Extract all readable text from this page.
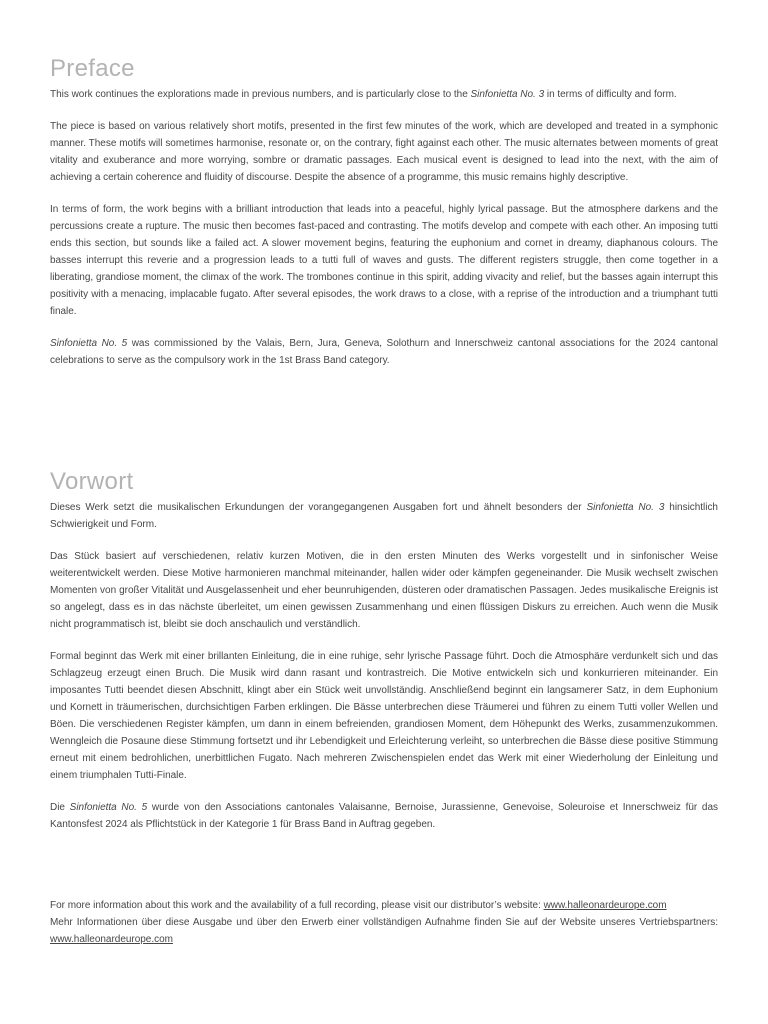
Preface

This work continues the explorations made in previous numbers, and is particularly close to the Sinfonietta No. 3 in terms of difficulty and form.

The piece is based on various relatively short motifs, presented in the first few minutes of the work, which are developed and treated in a symphonic manner. These motifs will sometimes harmonise, resonate or, on the contrary, fight against each other. The music alternates between moments of great vitality and exuberance and more worrying, sombre or dramatic passages. Each musical event is designed to lead into the next, with the aim of achieving a certain coherence and fluidity of discourse. Despite the absence of a programme, this music remains highly descriptive.

In terms of form, the work begins with a brilliant introduction that leads into a peaceful, highly lyrical passage. But the atmosphere darkens and the percussions create a rupture. The music then becomes fast-paced and contrasting. The motifs develop and compete with each other. An imposing tutti ends this section, but sounds like a failed act. A slower movement begins, featuring the euphonium and cornet in dreamy, diaphanous colours. The basses interrupt this reverie and a progression leads to a tutti full of waves and gusts. The different registers struggle, then come together in a liberating, grandiose moment, the climax of the work. The trombones continue in this spirit, adding vivacity and relief, but the basses again interrupt this positivity with a menacing, implacable fugato. After several episodes, the work draws to a close, with a reprise of the introduction and a triumphant tutti finale.

Sinfonietta No. 5 was commissioned by the Valais, Bern, Jura, Geneva, Solothurn and Innerschweiz cantonal associations for the 2024 cantonal celebrations to serve as the compulsory work in the 1st Brass Band category.

Vorwort

Dieses Werk setzt die musikalischen Erkundungen der vorangegangenen Ausgaben fort und ähnelt besonders der Sinfonietta No. 3 hinsichtlich Schwierigkeit und Form.

Das Stück basiert auf verschiedenen, relativ kurzen Motiven, die in den ersten Minuten des Werks vorgestellt und in sinfonischer Weise weiterentwickelt werden. Diese Motive harmonieren manchmal miteinander, hallen wider oder kämpfen gegeneinander. Die Musik wechselt zwischen Momenten von großer Vitalität und Ausgelassenheit und eher beunruhigenden, düsteren oder dramatischen Passagen. Jedes musikalische Ereignis ist so angelegt, dass es in das nächste überleitet, um einen gewissen Zusammenhang und einen flüssigen Diskurs zu erreichen. Auch wenn die Musik nicht programmatisch ist, bleibt sie doch anschaulich und verständlich.

Formal beginnt das Werk mit einer brillanten Einleitung, die in eine ruhige, sehr lyrische Passage führt. Doch die Atmosphäre verdunkelt sich und das Schlagzeug erzeugt einen Bruch. Die Musik wird dann rasant und kontrastreich. Die Motive entwickeln sich und konkurrieren miteinander. Ein imposantes Tutti beendet diesen Abschnitt, klingt aber ein Stück weit unvollständig. Anschließend beginnt ein langsamerer Satz, in dem Euphonium und Kornett in träumerischen, durchsichtigen Farben erklingen. Die Bässe unterbrechen diese Träumerei und führen zu einem Tutti voller Wellen und Böen. Die verschiedenen Register kämpfen, um dann in einem befreienden, grandiosen Moment, dem Höhepunkt des Werks, zusammenzukommen. Wenngleich die Posaune diese Stimmung fortsetzt und ihr Lebendigkeit und Erleichterung verleiht, so unterbrechen die Bässe diese positive Stimmung erneut mit einem bedrohlichen, unerbittlichen Fugato. Nach mehreren Zwischenspielen endet das Werk mit einer Wiederholung der Einleitung und einem triumphalen Tutti-Finale.

Die Sinfonietta No. 5 wurde von den Associations cantonales Valaisanne, Bernoise, Jurassienne, Genevoise, Soleuroise et Innerschweiz für das Kantonsfest 2024 als Pflichtstück in der Kategorie 1 für Brass Band in Auftrag gegeben.

For more information about this work and the availability of a full recording, please visit our distributor’s website: www.halleonardeurope.com

Mehr Informationen über diese Ausgabe und über den Erwerb einer vollständigen Aufnahme finden Sie auf der Website unseres Vertriebspartners: www.halleonardeurope.com
